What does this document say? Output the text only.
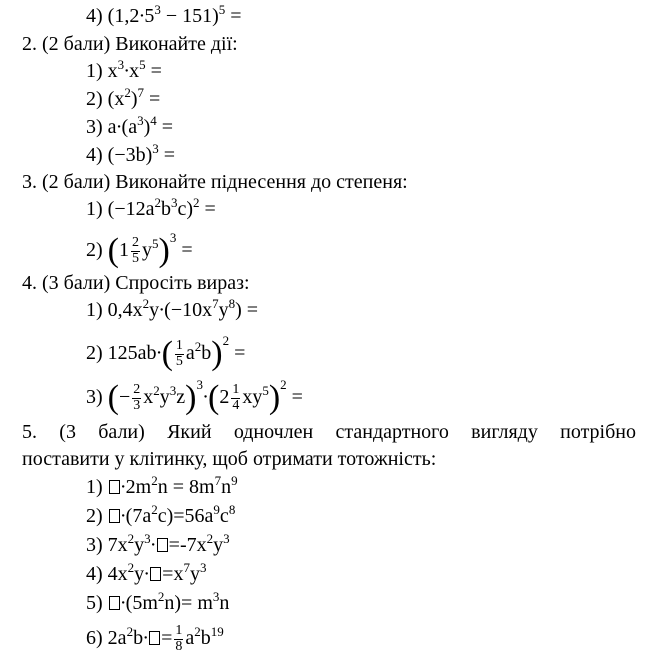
4) $(1,2\cdot 5^3 - 151)^5$ =
2. (2 бали) Виконайте дії:
1) $x^3\cdot x^5$ =
2) $(x^2)^7$ =
3) $a\cdot(a^3)^4$ =
4) $(-3b)^3$ =
3. (2 бали) Виконайте піднесення до степеня:
1) $(-12a^2b^3c)^2$ =
2) $(1 \frac{2}{5} y^5)^3$ =
4. (3 бали) Спросіть вираз:
1) $0,4x^2y\cdot(-10x^7y^8)$ =
2) $125ab\cdot( \frac{1}{5} a^2b)^2$ =
3) (− $\frac{2}{3} x^2y^3z)^3\cdot(2 \frac{1}{4} xy^5)^2$ =
5. (3 бали) Який одночлен стандартного вигляду потрібно
поставити у клітинку, щоб отримати тотожність:
$1) \cdot 2m^2n = 8m^7n^9$
$2) \cdot(7a^2c)=56a^9c^8$
3) $7x^2y^3\cdot =-7x^2y^3$
4) $4x^2y\cdot =x^7y^3$
$5) \cdot(5m^2n)= m^3n$
6) $2a^2b\cdot = \frac{1}{8} a^2b^{19}$
